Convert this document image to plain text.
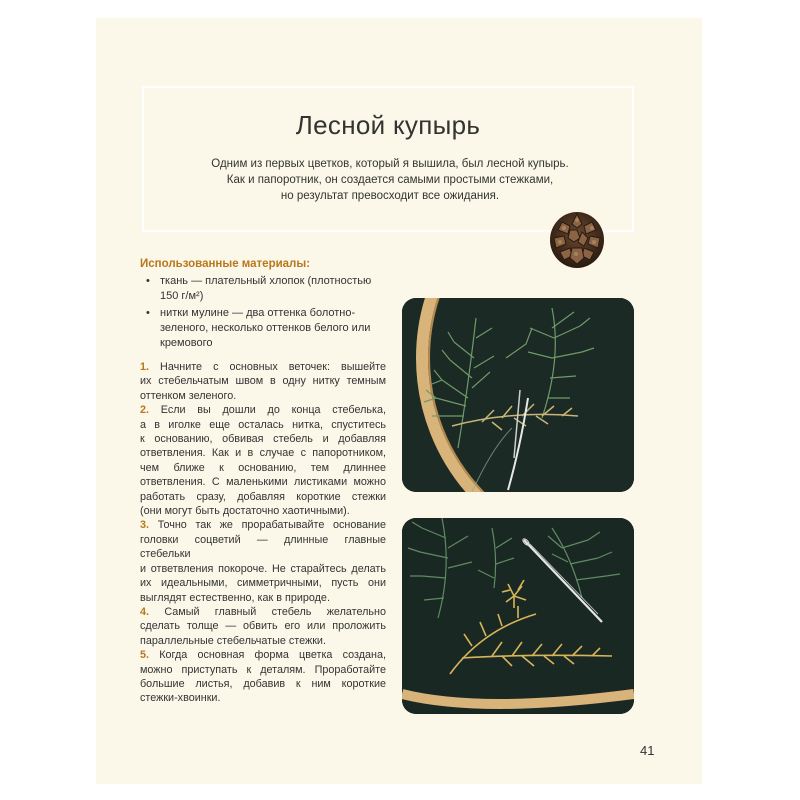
Лесной купырь
Одним из первых цветков, который я вышила, был лесной купырь.
Как и папоротник, он создается самыми простыми стежками,
но результат превосходит все ожидания.
Использованные материалы:
• ткань — плательный хлопок (плотностью
150 г/м²)
• нитки мулине — два оттенка болотно-
зеленого, несколько оттенков белого или
кремового
1. Начните с основных веточек: вышейте
их стебельчатым швом в одну нитку темным
оттенком зеленого.
2. Если вы дошли до конца стебелька,
а в иголке еще осталась нитка, спуститесь
к основанию, обвивая стебель и добавляя
ответвления. Как и в случае с папоротником,
чем ближе к основанию, тем длиннее
ответвления. С маленькими листиками можно
работать сразу, добавляя короткие стежки
(они могут быть достаточно хаотичными).
3. Точно так же прорабатывайте основание
головки соцветий — длинные главные стебельки
и ответвления покороче. Не старайтесь делать
их идеальными, симметричными, пусть они
выглядят естественно, как в природе.
4. Самый главный стебель желательно
сделать толще — обвить его или проложить
параллельные стебельчатые стежки.
5. Когда основная форма цветка создана,
можно приступать к деталям. Проработайте
большие листья, добавив к ним короткие
стежки-хвоинки.
41
